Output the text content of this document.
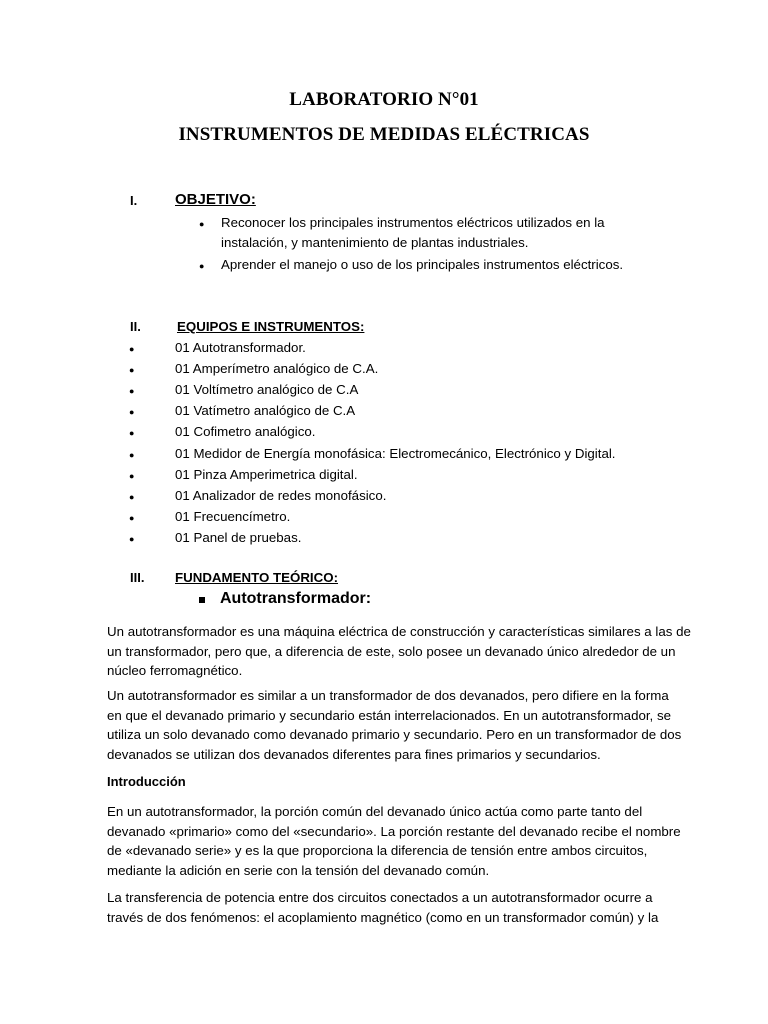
LABORATORIO N°01
INSTRUMENTOS DE MEDIDAS ELÉCTRICAS
I.	OBJETIVO:
● Reconocer los principales instrumentos eléctricos utilizados en la
instalación, y mantenimiento de plantas industriales.
● Aprender el manejo o uso de los principales instrumentos eléctricos.
II.	EQUIPOS E INSTRUMENTOS:
●	01 Autotransformador.
●	01 Amperímetro analógico de C.A.
●	01 Voltímetro analógico de C.A
●	01 Vatímetro analógico de C.A
●	01 Cofimetro analógico.
●	01 Medidor de Energía monofásica: Electromecánico, Electrónico y Digital.
●	01 Pinza Amperimetrica digital.
●	01 Analizador de redes monofásico.
●	01 Frecuencímetro.
●	01 Panel de pruebas.
III. FUNDAMENTO TEÓRICO:
Autotransformador:
Un autotransformador es una máquina eléctrica de construcción y características similares a las de
un transformador, pero que, a diferencia de este, solo posee un devanado único alrededor de un
núcleo ferromagnético.
Un autotransformador es similar a un transformador de dos devanados, pero difiere en la forma
en que el devanado primario y secundario están interrelacionados. En un autotransformador, se
utiliza un solo devanado como devanado primario y secundario. Pero en un transformador de dos
devanados se utilizan dos devanados diferentes para fines primarios y secundarios.
Introducción
En un autotransformador, la porción común del devanado único actúa como parte tanto del
devanado «primario» como del «secundario». La porción restante del devanado recibe el nombre
de «devanado serie» y es la que proporciona la diferencia de tensión entre ambos circuitos,
mediante la adición en serie con la tensión del devanado común.
La transferencia de potencia entre dos circuitos conectados a un autotransformador ocurre a
través de dos fenómenos: el acoplamiento magnético (como en un transformador común) y la
